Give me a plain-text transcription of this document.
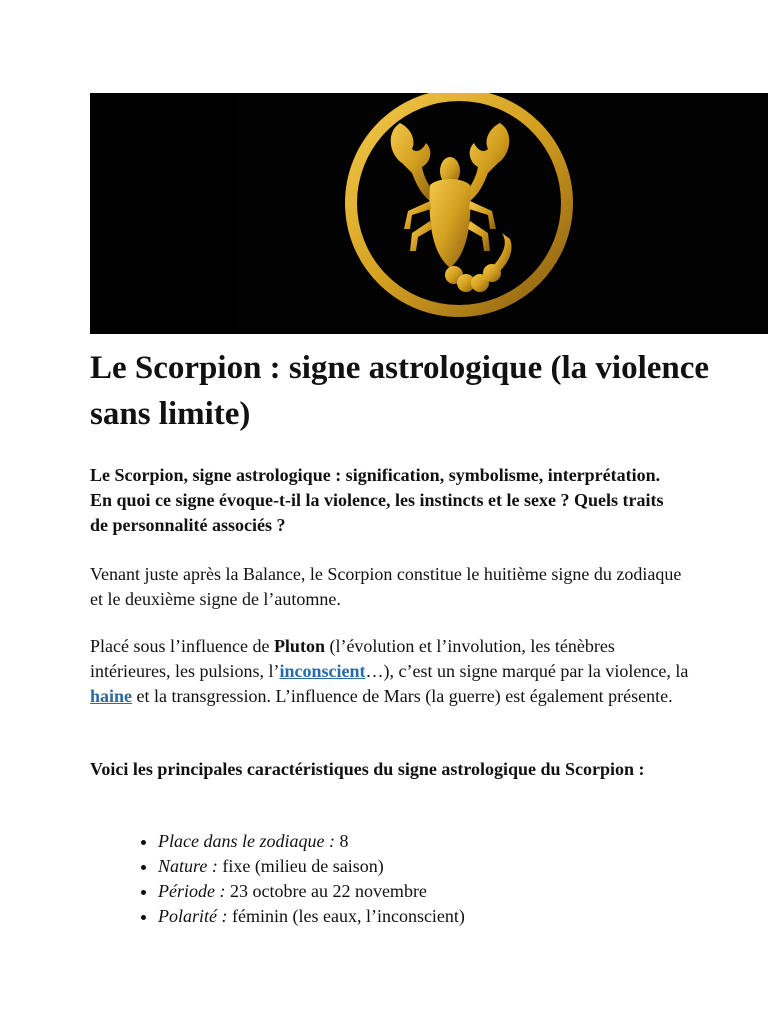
Le Scorpion : signe astrologique (la violence sans limite)

Le Scorpion, signe astrologique : signification, symbolisme, interprétation. En quoi ce signe évoque-t-il la violence, les instincts et le sexe ? Quels traits de personnalité associés ?

Venant juste après la Balance, le Scorpion constitue le huitième signe du zodiaque et le deuxième signe de l’automne.

Placé sous l’influence de Pluton (l’évolution et l’involution, les ténèbres intérieures, les pulsions, l’inconscient…), c’est un signe marqué par la violence, la haine et la transgression. L’influence de Mars (la guerre) est également présente.

Voici les principales caractéristiques du signe astrologique du Scorpion :

• Place dans le zodiaque : 8
• Nature : fixe (milieu de saison)
• Période : 23 octobre au 22 novembre
• Polarité : féminin (les eaux, l’inconscient)
